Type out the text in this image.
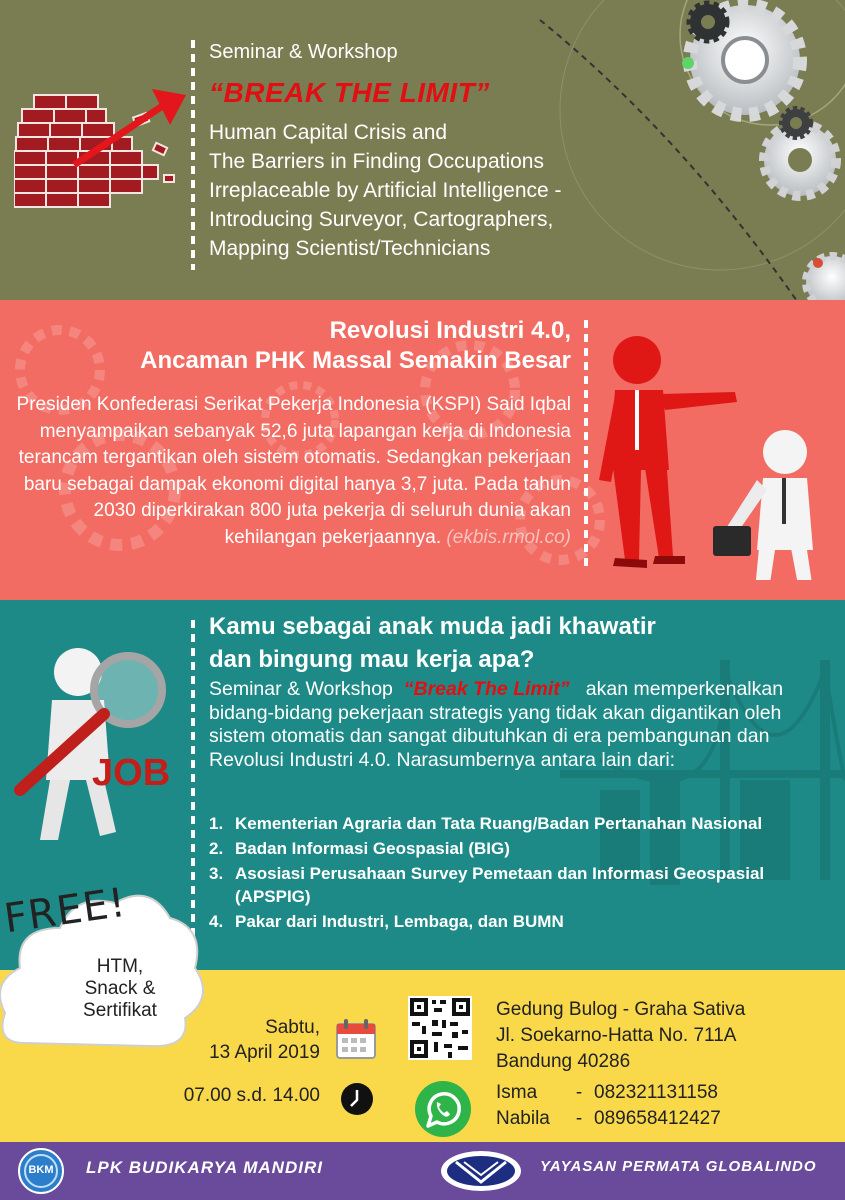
Seminar & Workshop
“BREAK THE LIMIT”
Human Capital Crisis and
The Barriers in Finding Occupations
Irreplaceable by Artificial Intelligence -
Introducing Surveyor, Cartographers,
Mapping Scientist/Technicians
Revolusi Industri 4.0,
Ancaman PHK Massal Semakin Besar
Presiden Konfederasi Serikat Pekerja Indonesia (KSPI) Said Iqbal menyampaikan sebanyak 52,6 juta lapangan kerja di Indonesia terancam tergantikan oleh sistem otomatis. Sedangkan pekerjaan baru sebagai dampak ekonomi digital hanya 3,7 juta. Pada tahun 2030 diperkirakan 800 juta pekerja di seluruh dunia akan kehilangan pekerjaannya. (ekbis.rmol.co)
JOB
Kamu sebagai anak muda jadi khawatir
dan bingung mau kerja apa?
Seminar & Workshop “Break The Limit”   akan memperkenalkan bidang-bidang pekerjaan strategis yang tidak akan digantikan oleh sistem otomatis dan sangat dibutuhkan di era pembangunan dan Revolusi Industri 4.0. Narasumbernya antara lain dari:
1. Kementerian Agraria dan Tata Ruang/Badan Pertanahan Nasional
2. Badan Informasi Geospasial (BIG)
3. Asosiasi Perusahaan Survey Pemetaan dan Informasi Geospasial (APSPIG)
4. Pakar dari Industri, Lembaga, dan BUMN
FREE!
HTM,
Snack &
Sertifikat
Sabtu,
13 April 2019
07.00 s.d. 14.00
Gedung Bulog - Graha Sativa
Jl. Soekarno-Hatta No. 711A
Bandung 40286
Isma	- 082321131158
Nabila	- 089658412427
BKM	LPK BUDIKARYA MANDIRI	YAYASAN PERMATA GLOBALINDO
